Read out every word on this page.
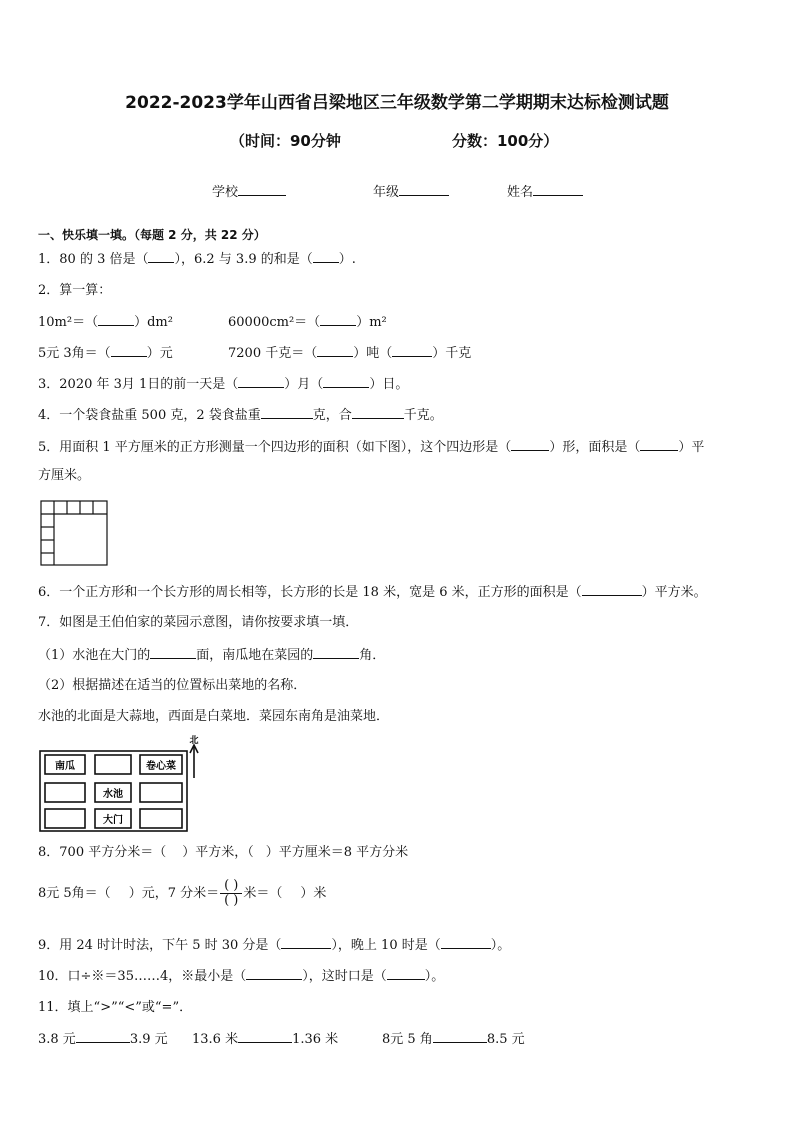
2022-2023学年山西省吕梁地区三年级数学第二学期期末达标检测试题
（时间：90分钟	分数：100分）
学校	年级	姓名
一、快乐填一填。（每题 2 分，共 22 分）
1．80 的 3 倍是（ ），6.2 与 3.9 的和是（ ）.
2．算一算：
10m²＝（	）dm²	60000cm²＝（	）m²
5元 3角＝（	）元	7200 千克＝（	）吨（	）千克
3．2020 年 3月 1日的前一天是（	）月（	）日。
4．一个袋食盐重 500 克，2 袋食盐重	克，合	千克。
5．用面积 1 平方厘米的正方形测量一个四边形的面积（如下图），这个四边形是（	）形，面积是（	）平
方厘米。
6．一个正方形和一个长方形的周长相等，长方形的长是 18 米，宽是 6 米，正方形的面积是（	）平方米。
7．如图是王伯伯家的菜园示意图，请你按要求填一填．
（1）水池在大门的	面，南瓜地在菜园的	角．
（2）根据描述在适当的位置标出菜地的名称．
水池的北面是大蒜地，西面是白菜地．菜园东南角是油菜地．
南瓜	卷心菜
水池
大门
北
8．700 平方分米＝（ ）平方米，（ ）平方厘米＝8 平方分米
8元 5角＝（ ）元，7 分米＝ $\frac{( )}{( )}$ 米＝（ ）米
9．用 24 时计时法，下午 5 时 30 分是（	），晚上 10 时是（	）。
10．口÷※＝35……4，※最小是（	），这时口是（	）。
11．填上“>”“<”或“=”．
3.8 元	3.9 元 13.6 米	1.36 米	8元 5 角	8.5 元
